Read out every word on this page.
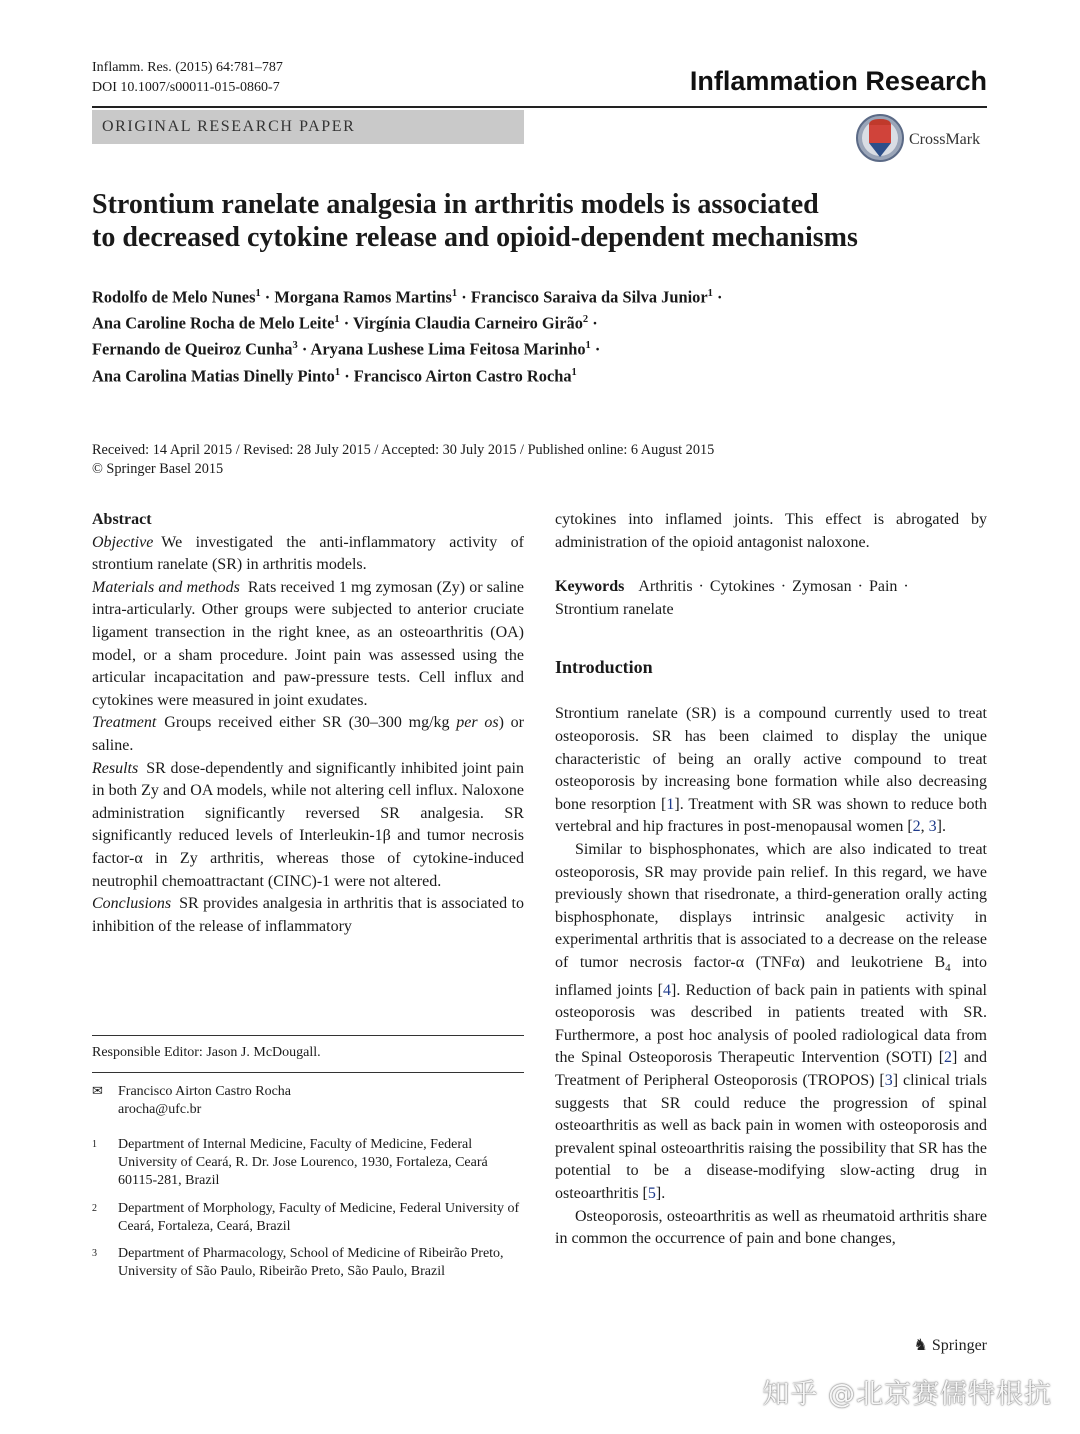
Inflamm. Res. (2015) 64:781–787
DOI 10.1007/s00011-015-0860-7	Inflammation Research
ORIGINAL RESEARCH PAPER
CrossMark
Strontium ranelate analgesia in arthritis models is associated
to decreased cytokine release and opioid-dependent mechanisms
Rodolfo de Melo Nunes$^1$ · Morgana Ramos Martins$^1$ · Francisco Saraiva da Silva Junior$^1$ ·
Ana Caroline Rocha de Melo Leite$^1$ · Virgínia Claudia Carneiro Girão$^2$ ·
Fernando de Queiroz Cunha$^3$ · Aryana Lushese Lima Feitosa Marinho$^1$ ·
Ana Carolina Matias Dinelly Pinto$^1$ · Francisco Airton Castro Rocha$^1$
Received: 14 April 2015 / Revised: 28 July 2015 / Accepted: 30 July 2015 / Published online: 6 August 2015
© Springer Basel 2015
Abstract

Objective We investigated the anti-inflammatory activity of strontium ranelate (SR) in arthritis models.

Materials and methods Rats received 1 mg zymosan (Zy) or saline intra-articularly. Other groups were subjected to anterior cruciate ligament transection in the right knee, as an osteoarthritis (OA) model, or a sham procedure. Joint pain was assessed using the articular incapacitation and paw-pressure tests. Cell influx and cytokines were measured in joint exudates.

Treatment Groups received either SR (30–300 mg/kg per os) or saline.

Results SR dose-dependently and significantly inhibited joint pain in both Zy and OA models, while not altering cell influx. Naloxone administration significantly reversed SR analgesia. SR significantly reduced levels of Interleukin-1β and tumor necrosis factor-α in Zy arthritis, whereas those of cytokine-induced neutrophil chemoattractant (CINC)-1 were not altered.

Conclusions SR provides analgesia in arthritis that is associated to inhibition of the release of inflammatory

cytokines into inflamed joints. This effect is abrogated by administration of the opioid antagonist naloxone.

Keywords Arthritis · Cytokines · Zymosan · Pain ·
Strontium ranelate

Introduction

Strontium ranelate (SR) is a compound currently used to treat osteoporosis. SR has been claimed to display the unique characteristic of being an orally active compound to treat osteoporosis by increasing bone formation while also decreasing bone resorption [1]. Treatment with SR was shown to reduce both vertebral and hip fractures in post-menopausal women [2, 3].

Similar to bisphosphonates, which are also indicated to treat osteoporosis, SR may provide pain relief. In this regard, we have previously shown that risedronate, a third-generation orally acting bisphosphonate, displays intrinsic analgesic activity in experimental arthritis that is associated to a decrease on the release of tumor necrosis factor-α (TNFα) and leukotriene $B_4$ into inflamed joints [4]. Reduction of back pain in patients with spinal osteoporosis was described in patients treated with SR. Furthermore, a post hoc analysis of pooled radiological data from the Spinal Osteoporosis Therapeutic Intervention (SOTI) [2] and Treatment of Peripheral Osteoporosis (TROPOS) [3] clinical trials suggests that SR could reduce the progression of spinal osteoarthritis as well as back pain in women with osteoporosis and prevalent spinal osteoarthritis raising the possibility that SR has the potential to be a disease-modifying slow-acting drug in osteoarthritis [5].

Osteoporosis, osteoarthritis as well as rheumatoid arthritis share in common the occurrence of pain and bone changes,

Responsible Editor: Jason J. McDougall.
✉	Francisco Airton Castro Rocha
arocha@ufc.br
1	Department of Internal Medicine, Faculty of Medicine, Federal University of Ceará, R. Dr. Jose Lourenco, 1930, Fortaleza, Ceará 60115-281, Brazil
2	Department of Morphology, Faculty of Medicine, Federal University of Ceará, Fortaleza, Ceará, Brazil
3	Department of Pharmacology, School of Medicine of Ribeirão Preto, University of São Paulo, Ribeirão Preto, São Paulo, Brazil
♞ Springer
知乎 @北京赛儒特根抗
